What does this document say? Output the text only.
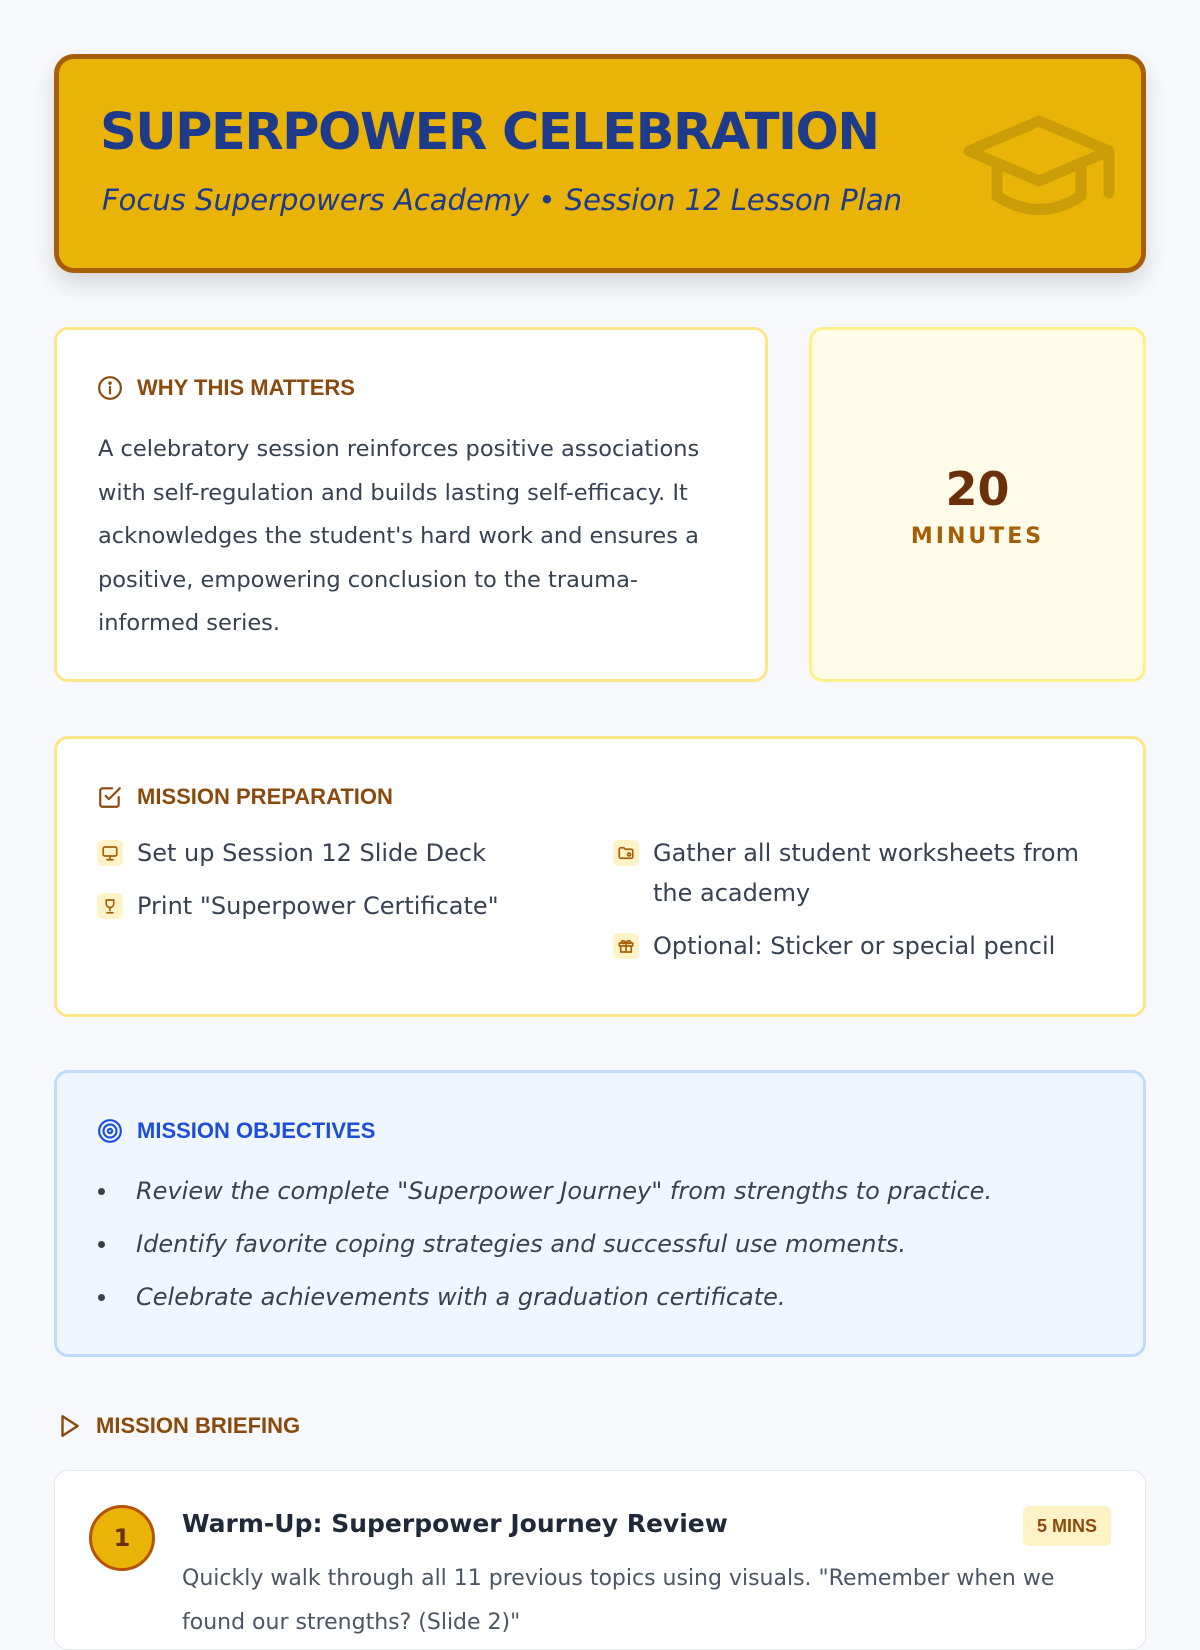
SUPERPOWER CELEBRATION
Focus Superpowers Academy • Session 12 Lesson Plan
WHY THIS MATTERS

A celebratory session reinforces positive associations with self-regulation and builds lasting self-efficacy. It acknowledges the student's hard work and ensures a positive, empowering conclusion to the trauma-informed series.

20
MINUTES
MISSION PREPARATION
Set up Session 12 Slide Deck
Print "Superpower Certificate"
Gather all student worksheets from the academy
Optional: Sticker or special pencil
MISSION OBJECTIVES
Review the complete "Superpower Journey" from strengths to practice.
Identify favorite coping strategies and successful use moments.
Celebrate achievements with a graduation certificate.
MISSION BRIEFING
1	Warm-Up: Superpower Journey Review	5 MINS

Quickly walk through all 11 previous topics using visuals. "Remember when we found our strengths? (Slide 2)"
